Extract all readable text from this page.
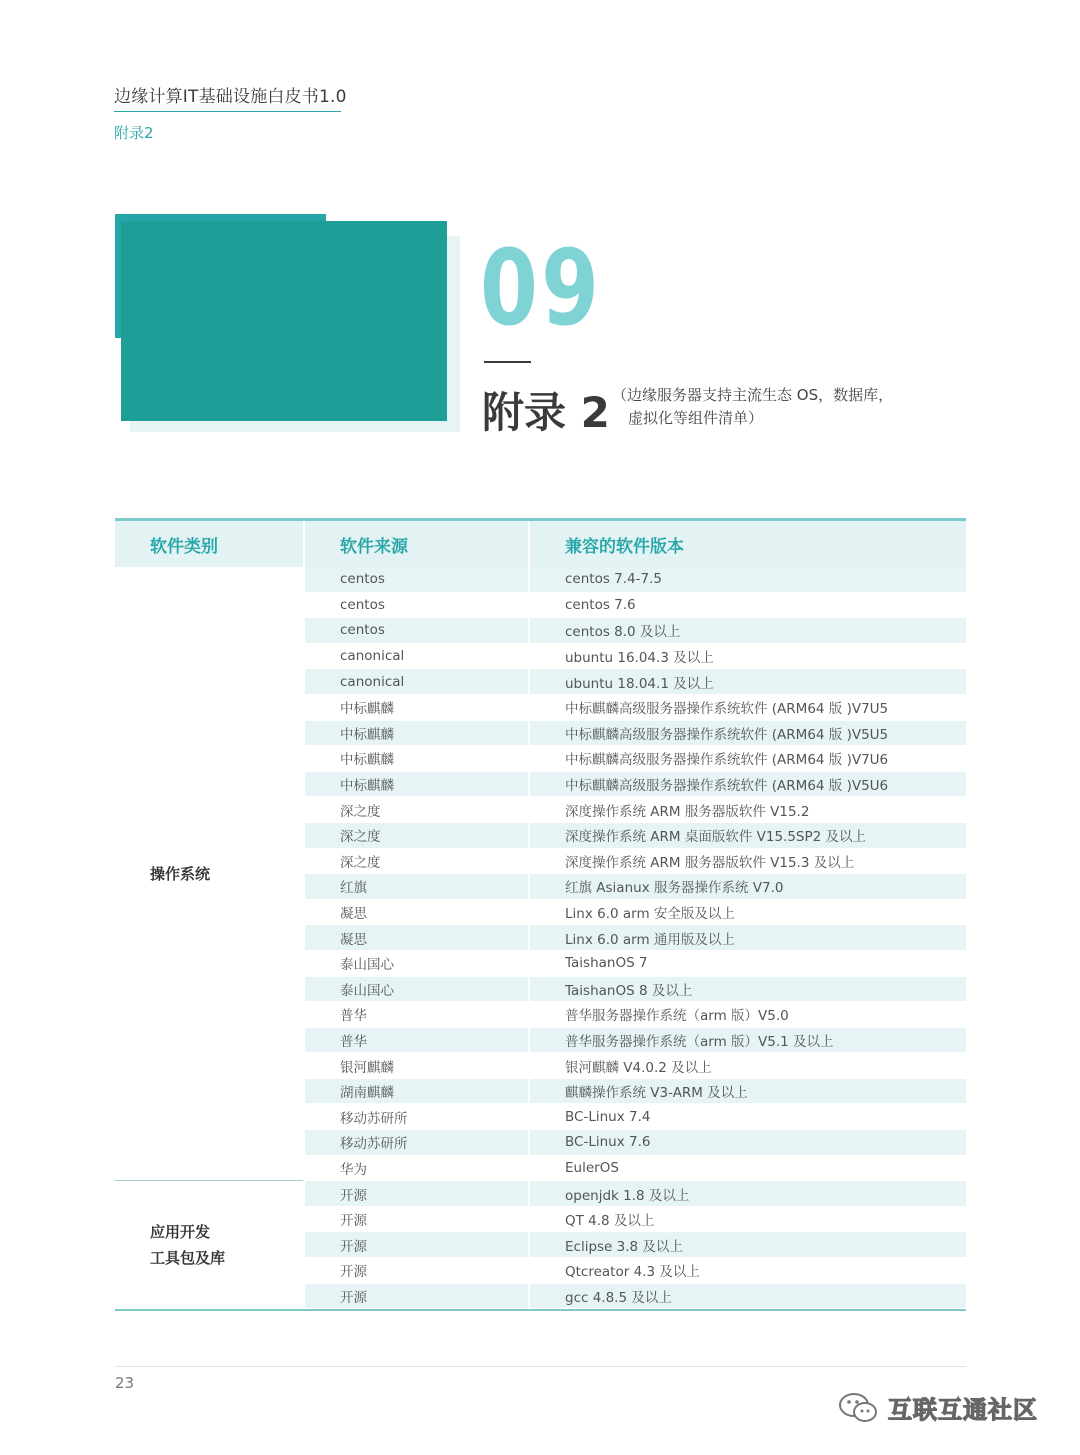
边缘计算IT基础设施白皮书1.0
附录2
09
附录 2 （边缘服务器支持主流生态 OS，数据库，
虚拟化等组件清单）
软件类别	软件来源	兼容的软件版本

操作系统	centos	centos 7.4-7.5
	centos	centos 7.6
	centos	centos 8.0 及以上
	canonical	ubuntu 16.04.3 及以上
	canonical	ubuntu 18.04.1 及以上
	中标麒麟	中标麒麟高级服务器操作系统软件 (ARM64 版 )V7U5
	中标麒麟	中标麒麟高级服务器操作系统软件 (ARM64 版 )V5U5
	中标麒麟	中标麒麟高级服务器操作系统软件 (ARM64 版 )V7U6
	中标麒麟	中标麒麟高级服务器操作系统软件 (ARM64 版 )V5U6
	深之度	深度操作系统 ARM 服务器版软件 V15.2
	深之度	深度操作系统 ARM 桌面版软件 V15.5SP2 及以上
	深之度	深度操作系统 ARM 服务器版软件 V15.3 及以上
	红旗	红旗 Asianux 服务器操作系统 V7.0
	凝思	Linx 6.0 arm 安全版及以上
	凝思	Linx 6.0 arm 通用版及以上
	泰山国心	TaishanOS 7
	泰山国心	TaishanOS 8 及以上
	普华	普华服务器操作系统（arm 版）V5.0
	普华	普华服务器操作系统（arm 版）V5.1 及以上
	银河麒麟	银河麒麟 V4.0.2 及以上
	湖南麒麟	麒麟操作系统 V3-ARM 及以上
	移动苏研所	BC-Linux 7.4
	移动苏研所	BC-Linux 7.6
	华为	EulerOS

应用开发
工具包及库	开源	openjdk 1.8 及以上
	开源	QT 4.8 及以上
	开源	Eclipse 3.8 及以上
	开源	Qtcreator 4.3 及以上
	开源	gcc 4.8.5 及以上
23
互联互通社区
